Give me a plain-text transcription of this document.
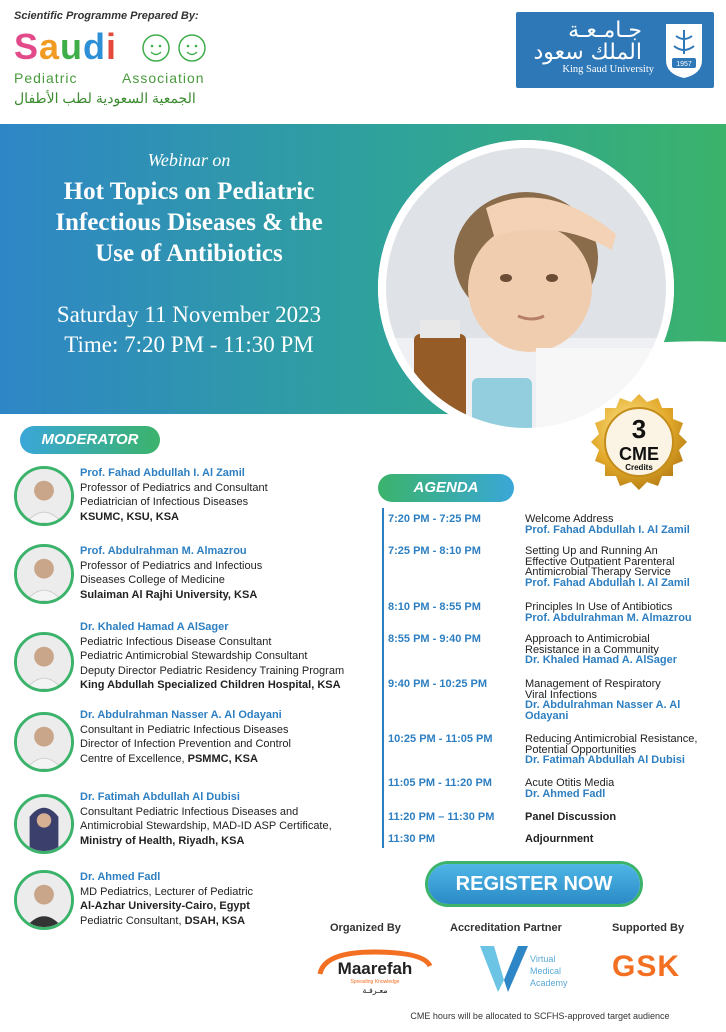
Scientific Programme Prepared By:
Saudi
Pediatric	Association
الجمعية السعودية لطب الأطفال
جـامـعـة
الملك سعود
King Saud University	1957
Webinar on
Hot Topics on Pediatric
Infectious Diseases & the
Use of Antibiotics
Saturday 11 November 2023
Time: 7:20 PM - 11:30 PM
3
CME
Credits
MODERATOR
Prof. Fahad Abdullah I. Al Zamil
Professor of Pediatrics and Consultant
Pediatrician of Infectious Diseases
KSUMC, KSU, KSA
Prof. Abdulrahman M. Almazrou
Professor of Pediatrics and Infectious
Diseases College of Medicine
Sulaiman Al Rajhi University, KSA
Dr. Khaled Hamad A AlSager
Pediatric Infectious Disease Consultant
Pediatric Antimicrobial Stewardship Consultant
Deputy Director Pediatric Residency Training Program
King Abdullah Specialized Children Hospital, KSA
Dr. Abdulrahman Nasser A. Al Odayani
Consultant in Pediatric Infectious Diseases
Director of Infection Prevention and Control
Centre of Excellence, PSMMC, KSA
Dr. Fatimah Abdullah Al Dubisi
Consultant Pediatric Infectious Diseases and
Antimicrobial Stewardship, MAD-ID ASP Certificate,
Ministry of Health, Riyadh, KSA
Dr. Ahmed Fadl
MD Pediatrics, Lecturer of Pediatric
Al-Azhar University-Cairo, Egypt
Pediatric Consultant, DSAH, KSA
AGENDA
7:20 PM - 7:25 PM	Welcome Address
Prof. Fahad Abdullah I. Al Zamil
7:25 PM - 8:10 PM	Setting Up and Running An
Effective Outpatient Parenteral
Antimicrobial Therapy Service
Prof. Fahad Abdullah I. Al Zamil
8:10 PM - 8:55 PM	Principles In Use of Antibiotics
Prof. Abdulrahman M. Almazrou
8:55 PM - 9:40 PM	Approach to Antimicrobial
Resistance in a Community
Dr. Khaled Hamad A. AlSager
9:40 PM - 10:25 PM	Management of Respiratory
Viral Infections
Dr. Abdulrahman Nasser A. Al
Odayani
10:25 PM - 11:05 PM	Reducing Antimicrobial Resistance,
Potential Opportunities
Dr. Fatimah Abdullah Al Dubisi
11:05 PM - 11:20 PM	Acute Otitis Media
Dr. Ahmed Fadl
11:20 PM – 11:30 PM	Panel Discussion
11:30 PM	Adjournment
REGISTER NOW
Organized By	Accreditation Partner	Supported By
Maarefah
Spreading Knowledge
معـرفـة
Virtual
Medical
Academy GSK
CME hours will be allocated to SCFHS-approved target audience
